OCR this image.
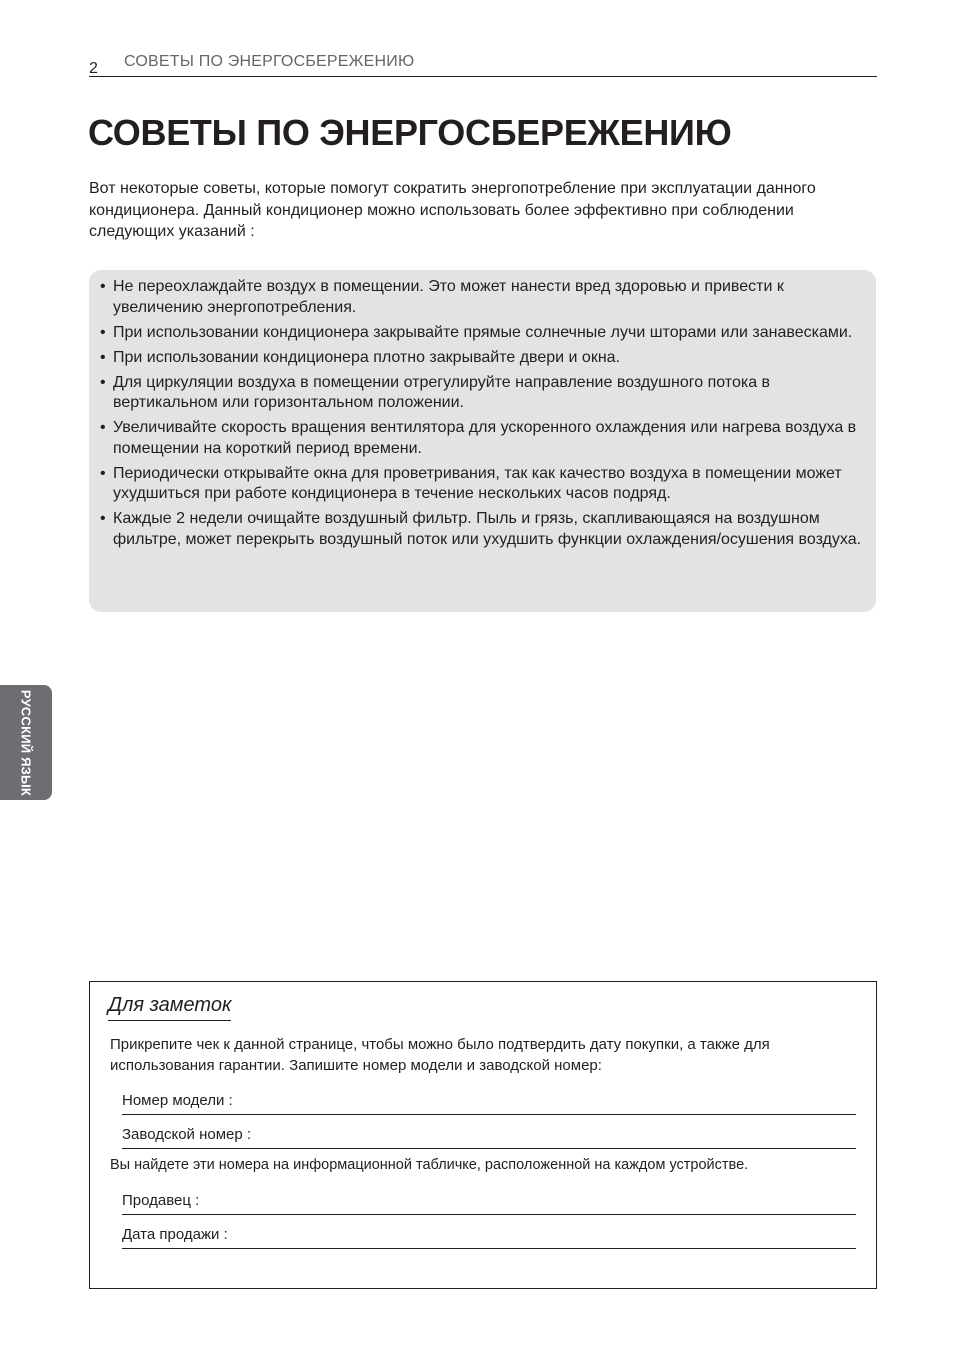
2 СОВЕТЫ ПО ЭНЕРГОСБЕРЕЖЕНИЮ
СОВЕТЫ ПО ЭНЕРГОСБЕРЕЖЕНИЮ

Вот некоторые советы, которые помогут сократить энергопотребление при эксплуатации данного кондиционера. Данный кондиционер можно использовать более эффективно при соблюдении следующих указаний :

• Не переохлаждайте воздух в помещении. Это может нанести вред здоровью и привести к увеличению энергопотребления.
• При использовании кондиционера закрывайте прямые солнечные лучи шторами или занавесками.
• При использовании кондиционера плотно закрывайте двери и окна.
• Для циркуляции воздуха в помещении отрегулируйте направление воздушного потока в вертикальном или горизонтальном положении.
• Увеличивайте скорость вращения вентилятора для ускоренного охлаждения или нагрева воздуха в помещении на короткий период времени.
• Периодически открывайте окна для проветривания, так как качество воздуха в помещении может ухудшиться при работе кондиционера в течение нескольких часов подряд.
• Каждые 2 недели очищайте воздушный фильтр. Пыль и грязь, скапливающаяся на воздушном фильтре, может перекрыть воздушный поток или ухудшить функции охлаждения/осушения воздуха.
РУССКИЙ ЯЗЫК
Для заметок

Прикрепите чек к данной странице, чтобы можно было подтвердить дату покупки, а также для использования гарантии. Запишите номер модели и заводской номер:

Номер модели :
Заводской номер :
Вы найдете эти номера на информационной табличке, расположенной на каждом устройстве.
Продавец :
Дата продажи :
